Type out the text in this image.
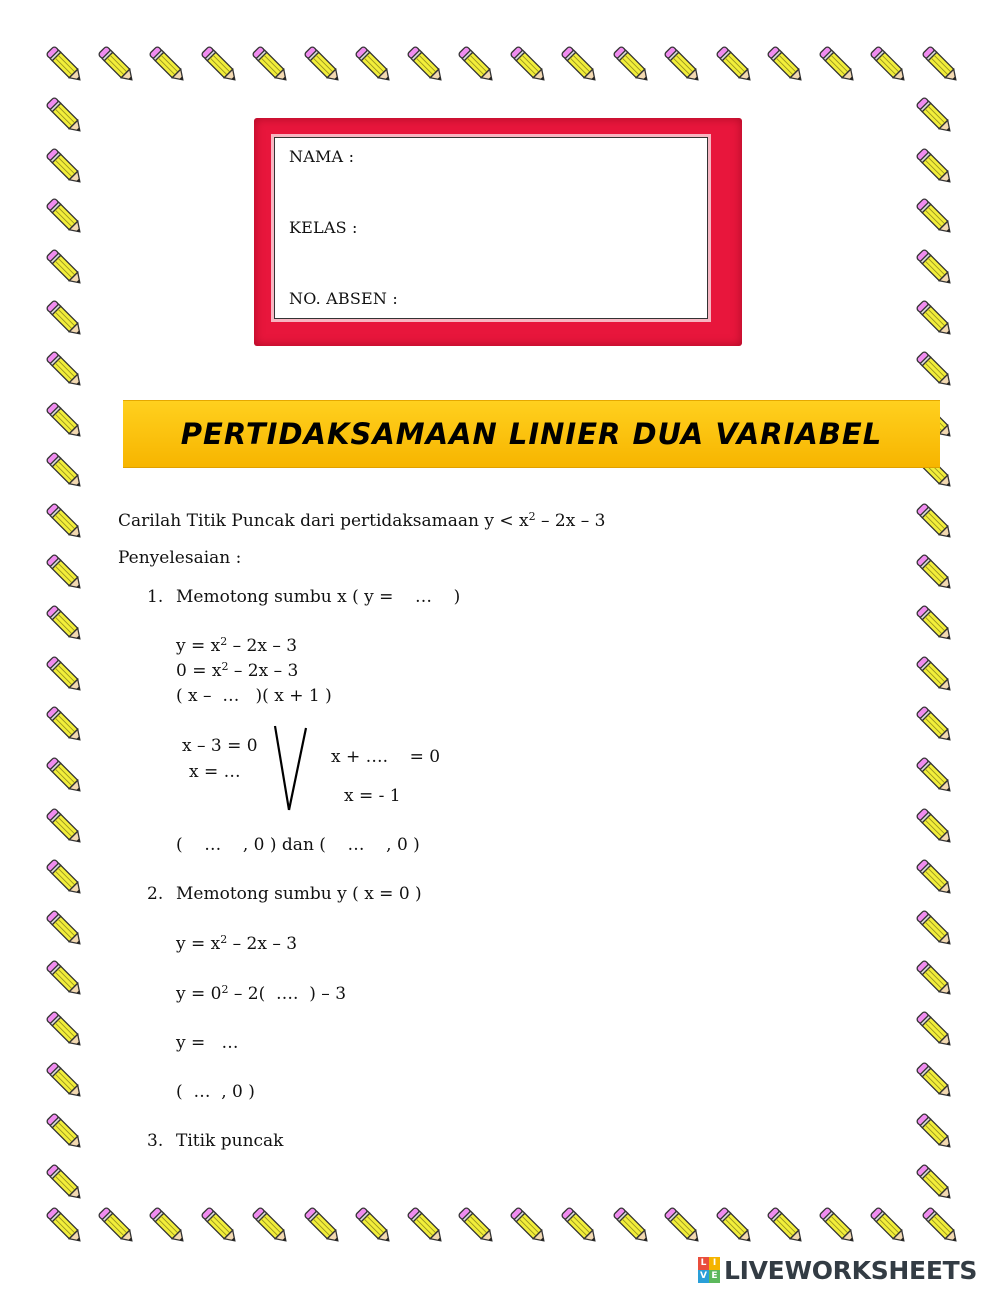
NAMA :
KELAS :
NO. ABSEN :
PERTIDAKSAMAAN LINIER DUA VARIABEL
Carilah Titik Puncak dari pertidaksamaan $y < x^2 - 2x - 3$
Penyelesaian :
1. Memotong sumbu x ( y =    …    )
$y = x^2 - 2x - 3$
$0 = x^2 - 2x - 3$
( x –  …   )( x + 1 )
x – 3 = 0
x = …
x + ….    = 0
x = - 1
(    …    , 0 ) dan (    …    , 0 )
2. Memotong sumbu y ( x = 0 )
$y = x^2 - 2x - 3$
$y = 0^2 - 2$(  ….  ) – 3
y =   …
(  …  , 0 )
3. Titik puncak
L I
V E LIVEWORKSHEETS
